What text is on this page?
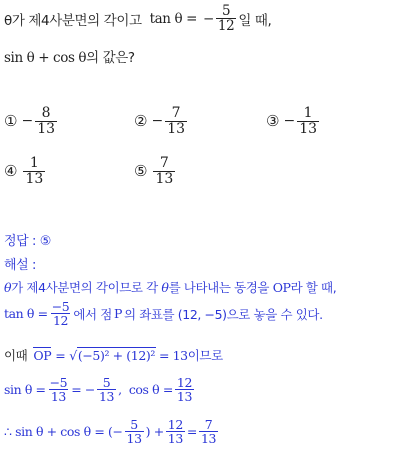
θ가 제4사분면의 각이고 tan θ = − $\frac{5}{12}$ 일 때,
sin θ + cos θ의 값은?
① − $\frac{8}{13}$	② − $\frac{7}{13}$	③ − $\frac{1}{13}$
④ $\frac{1}{13}$	⑤ $\frac{7}{13}$
정답 : ⑤
해설 :
θ가 제4사분면의 각이므로 각 θ를 나타내는 동경을 OP라 할 때,
$\tan \theta = \frac{-5}{12}$ 에서 점 P 의 좌표를 (12, −5)으로 놓을 수 있다.
이때 OP = √ (−5)² + (12)² = 13이므로
$\sin \theta = \frac{-5}{13}$ = − $\frac{5}{13}$ ,  $\cos \theta = \frac{12}{13}$
∴ sin θ + cos θ = (− $\frac{5}{13}$ ) + $\frac{12}{13} = \frac{7}{13}$
